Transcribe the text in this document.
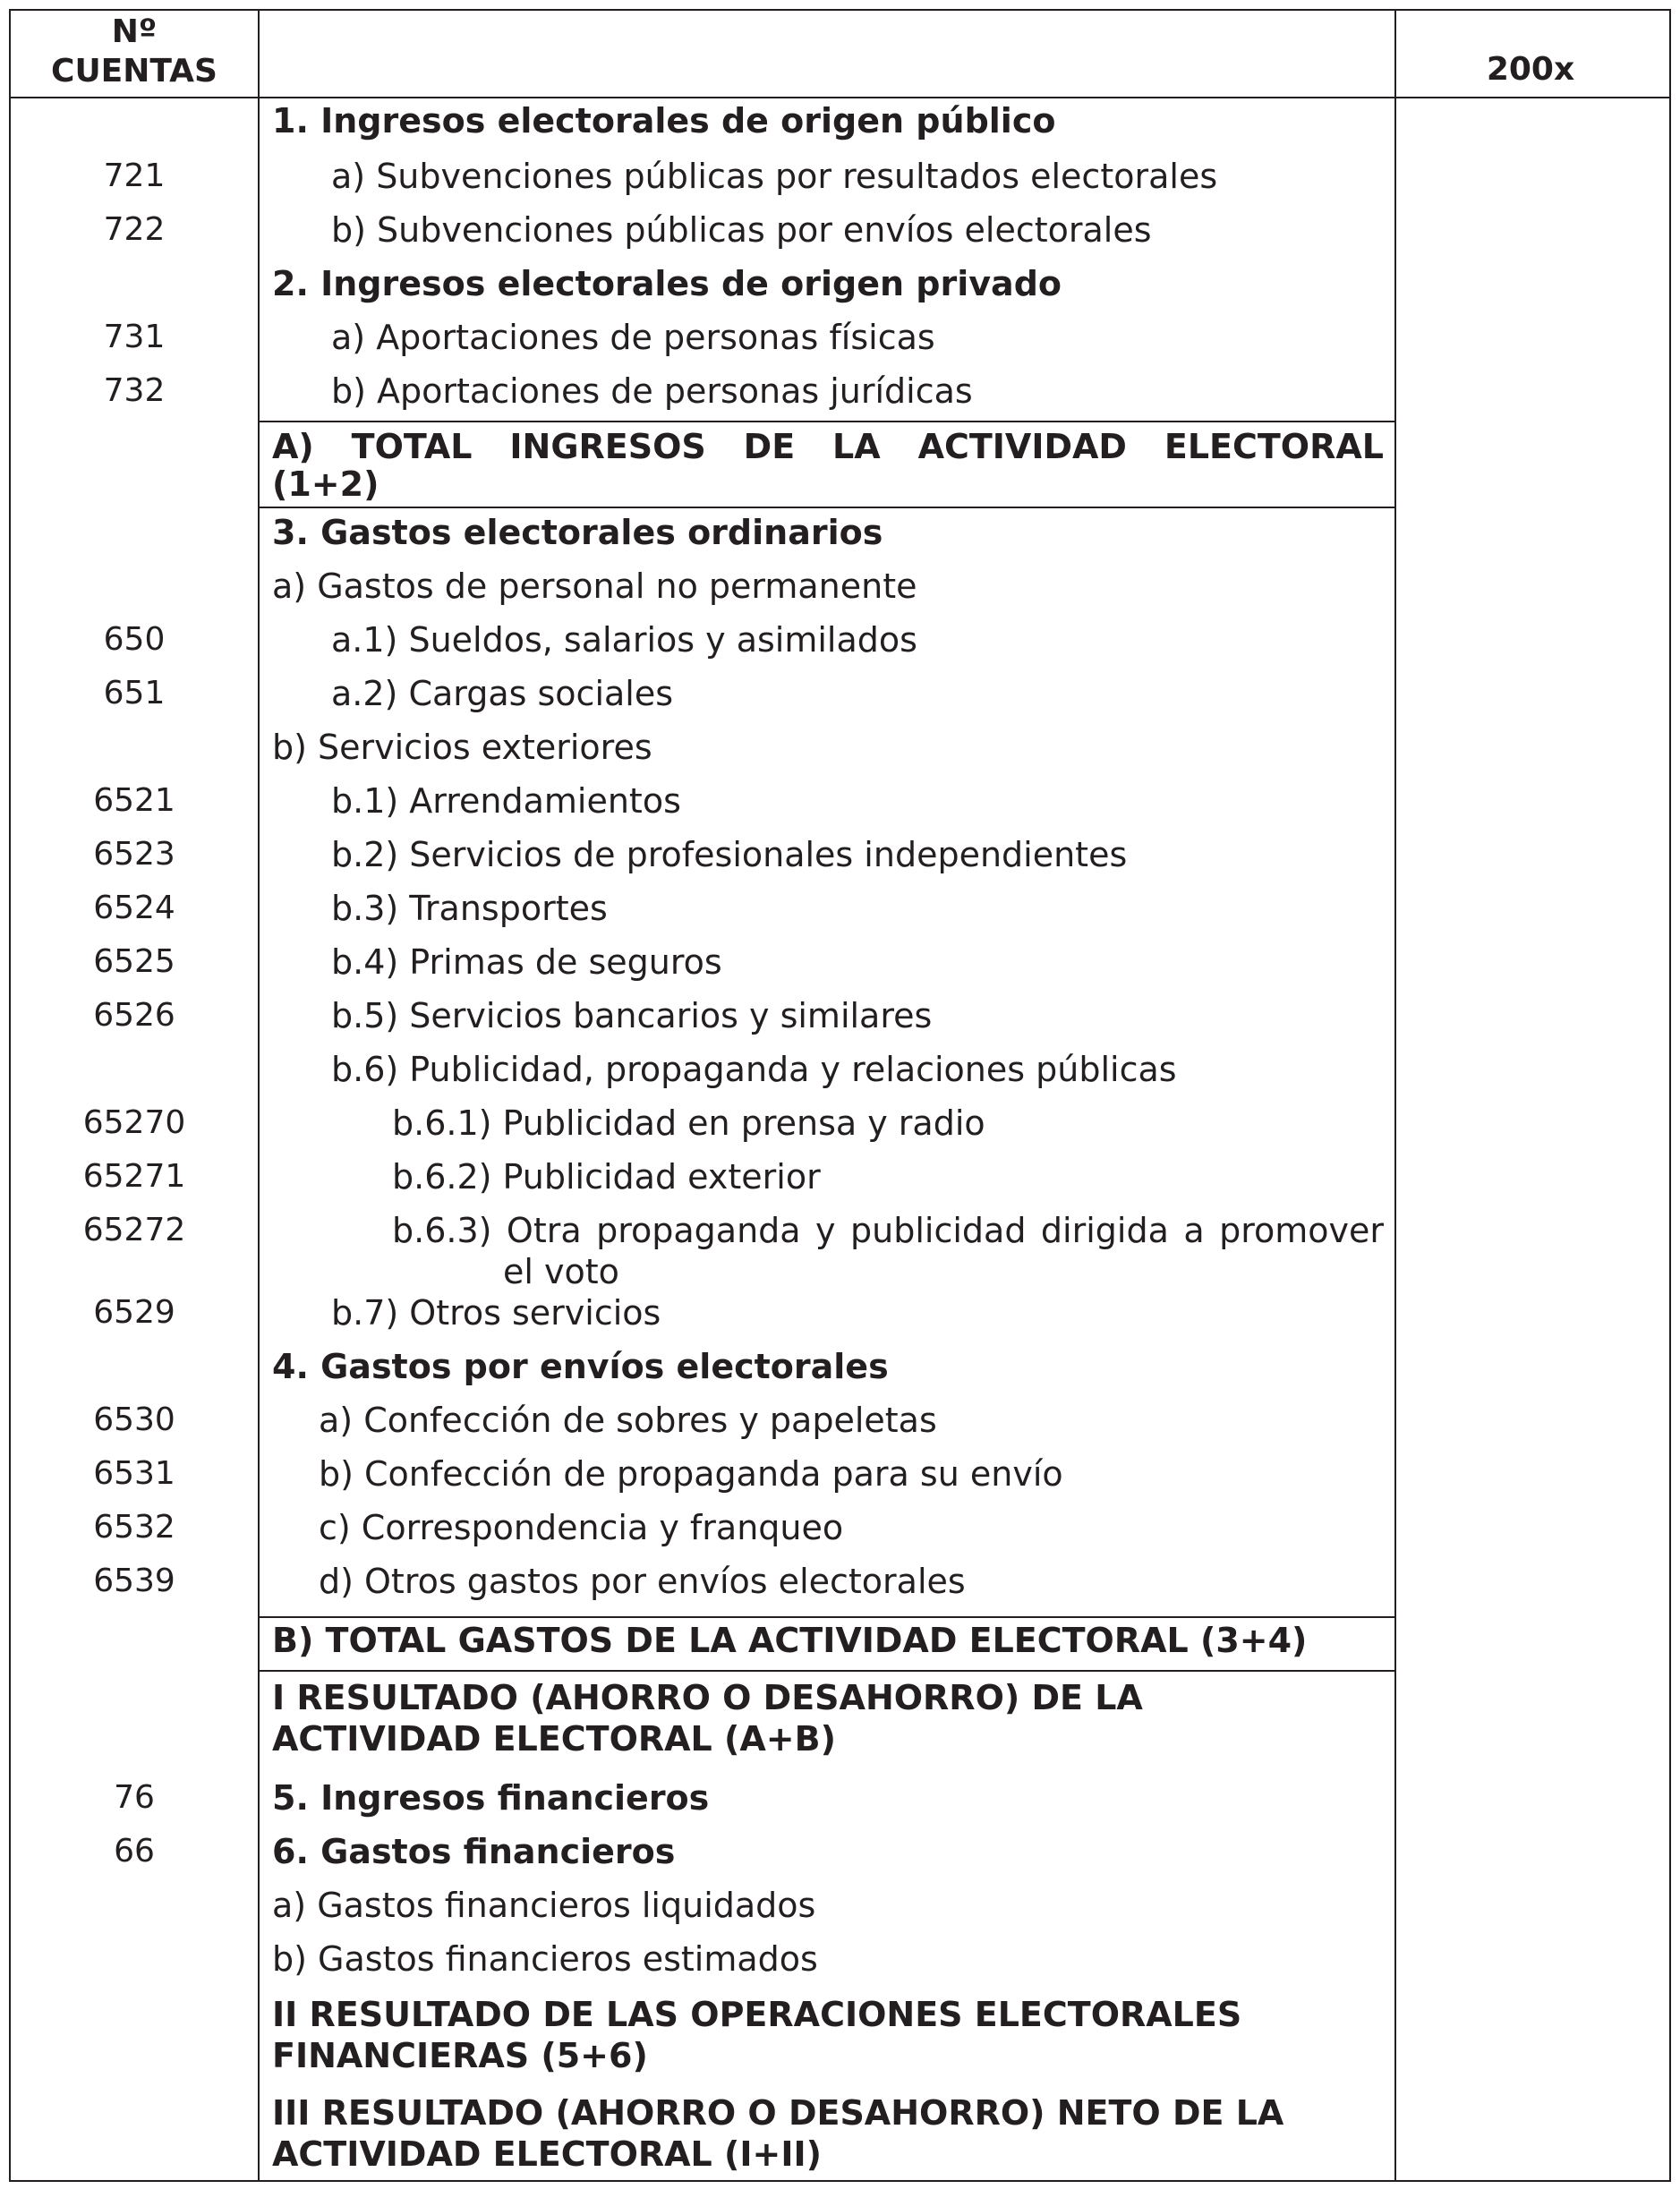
Nº
CUENTAS	200x
1. Ingresos electorales de origen público
721	a) Subvenciones públicas por resultados electorales
722	b) Subvenciones públicas por envíos electorales
2. Ingresos electorales de origen privado
731	a) Aportaciones de personas físicas
732	b) Aportaciones de personas jurídicas
A) TOTAL INGRESOS DE LA ACTIVIDAD ELECTORAL
(1+2)
3. Gastos electorales ordinarios
a) Gastos de personal no permanente
650	a.1) Sueldos, salarios y asimilados
651	a.2) Cargas sociales
b) Servicios exteriores
6521	b.1) Arrendamientos
6523	b.2) Servicios de profesionales independientes
6524	b.3) Transportes
6525	b.4) Primas de seguros
6526	b.5) Servicios bancarios y similares
b.6) Publicidad, propaganda y relaciones públicas
65270	b.6.1) Publicidad en prensa y radio
65271	b.6.2) Publicidad exterior
65272	b.6.3) Otra propaganda y publicidad dirigida a promover
el voto
6529	b.7) Otros servicios
4. Gastos por envíos electorales
6530	a) Confección de sobres y papeletas
6531	b) Confección de propaganda para su envío
6532	c) Correspondencia y franqueo
6539	d) Otros gastos por envíos electorales
B) TOTAL GASTOS DE LA ACTIVIDAD ELECTORAL (3+4)
I RESULTADO (AHORRO O DESAHORRO) DE LA
ACTIVIDAD ELECTORAL (A+B)
76	5. Ingresos financieros
66	6. Gastos financieros
a) Gastos financieros liquidados
b) Gastos financieros estimados
II RESULTADO DE LAS OPERACIONES ELECTORALES
FINANCIERAS (5+6)
III RESULTADO (AHORRO O DESAHORRO) NETO DE LA
ACTIVIDAD ELECTORAL (I+II)
